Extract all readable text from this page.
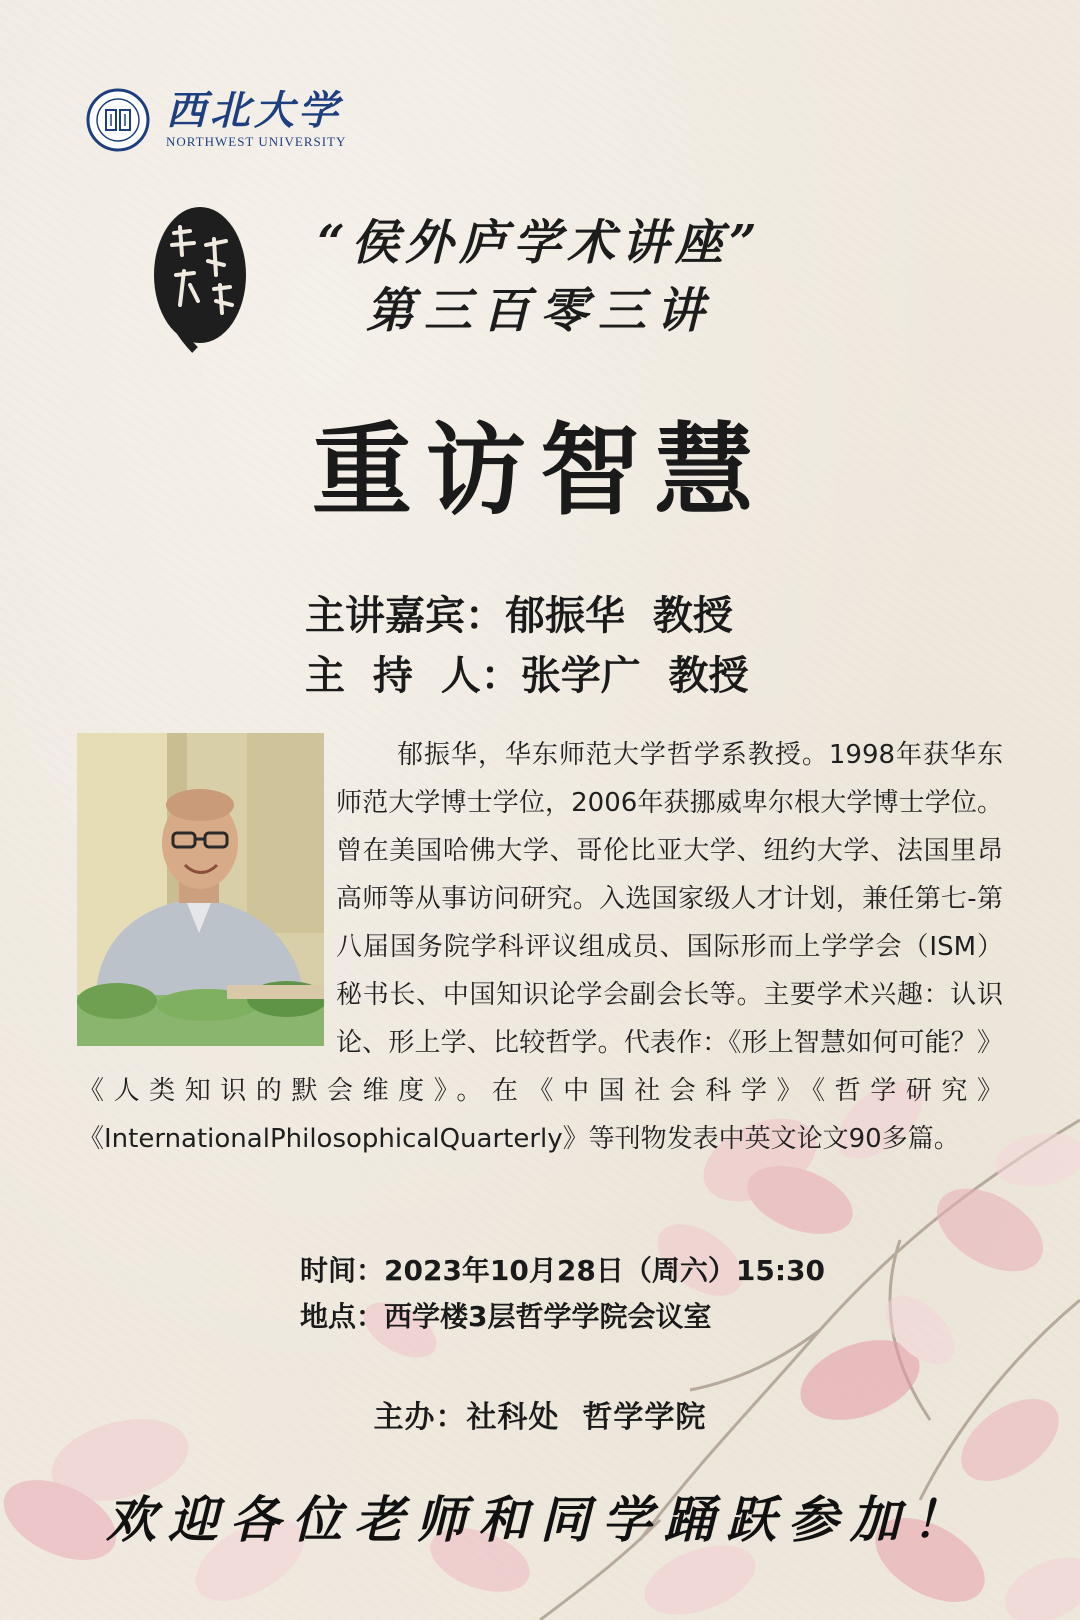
西北大学
NORTHWEST UNIVERSITY
“侯外庐学术讲座”
第三百零三讲
重访智慧
主讲嘉宾：郁振华  教授
主  持  人：张学广  教授
郁振华，华东师范大学哲学系教授。1998年获华东师范大学博士学位，2006年获挪威卑尔根大学博士学位。曾在美国哈佛大学、哥伦比亚大学、纽约大学、法国里昂高师等从事访问研究。入选国家级人才计划，兼任第七-第八届国务院学科评议组成员、国际形而上学学会（ISM）秘书长、中国知识论学会副会长等。主要学术兴趣：认识论、形上学、比较哲学。代表作：《形上智慧如何可能？》《人类知识的默会维度》。在《中国社会科学》《哲学研究》《InternationalPhilosophicalQuarterly》等刊物发表中英文论文90多篇。
时间：2023年10月28日（周六）15:30
地点：西学楼3层哲学学院会议室
主办：社科处  哲学学院
欢迎各位老师和同学踊跃参加！
